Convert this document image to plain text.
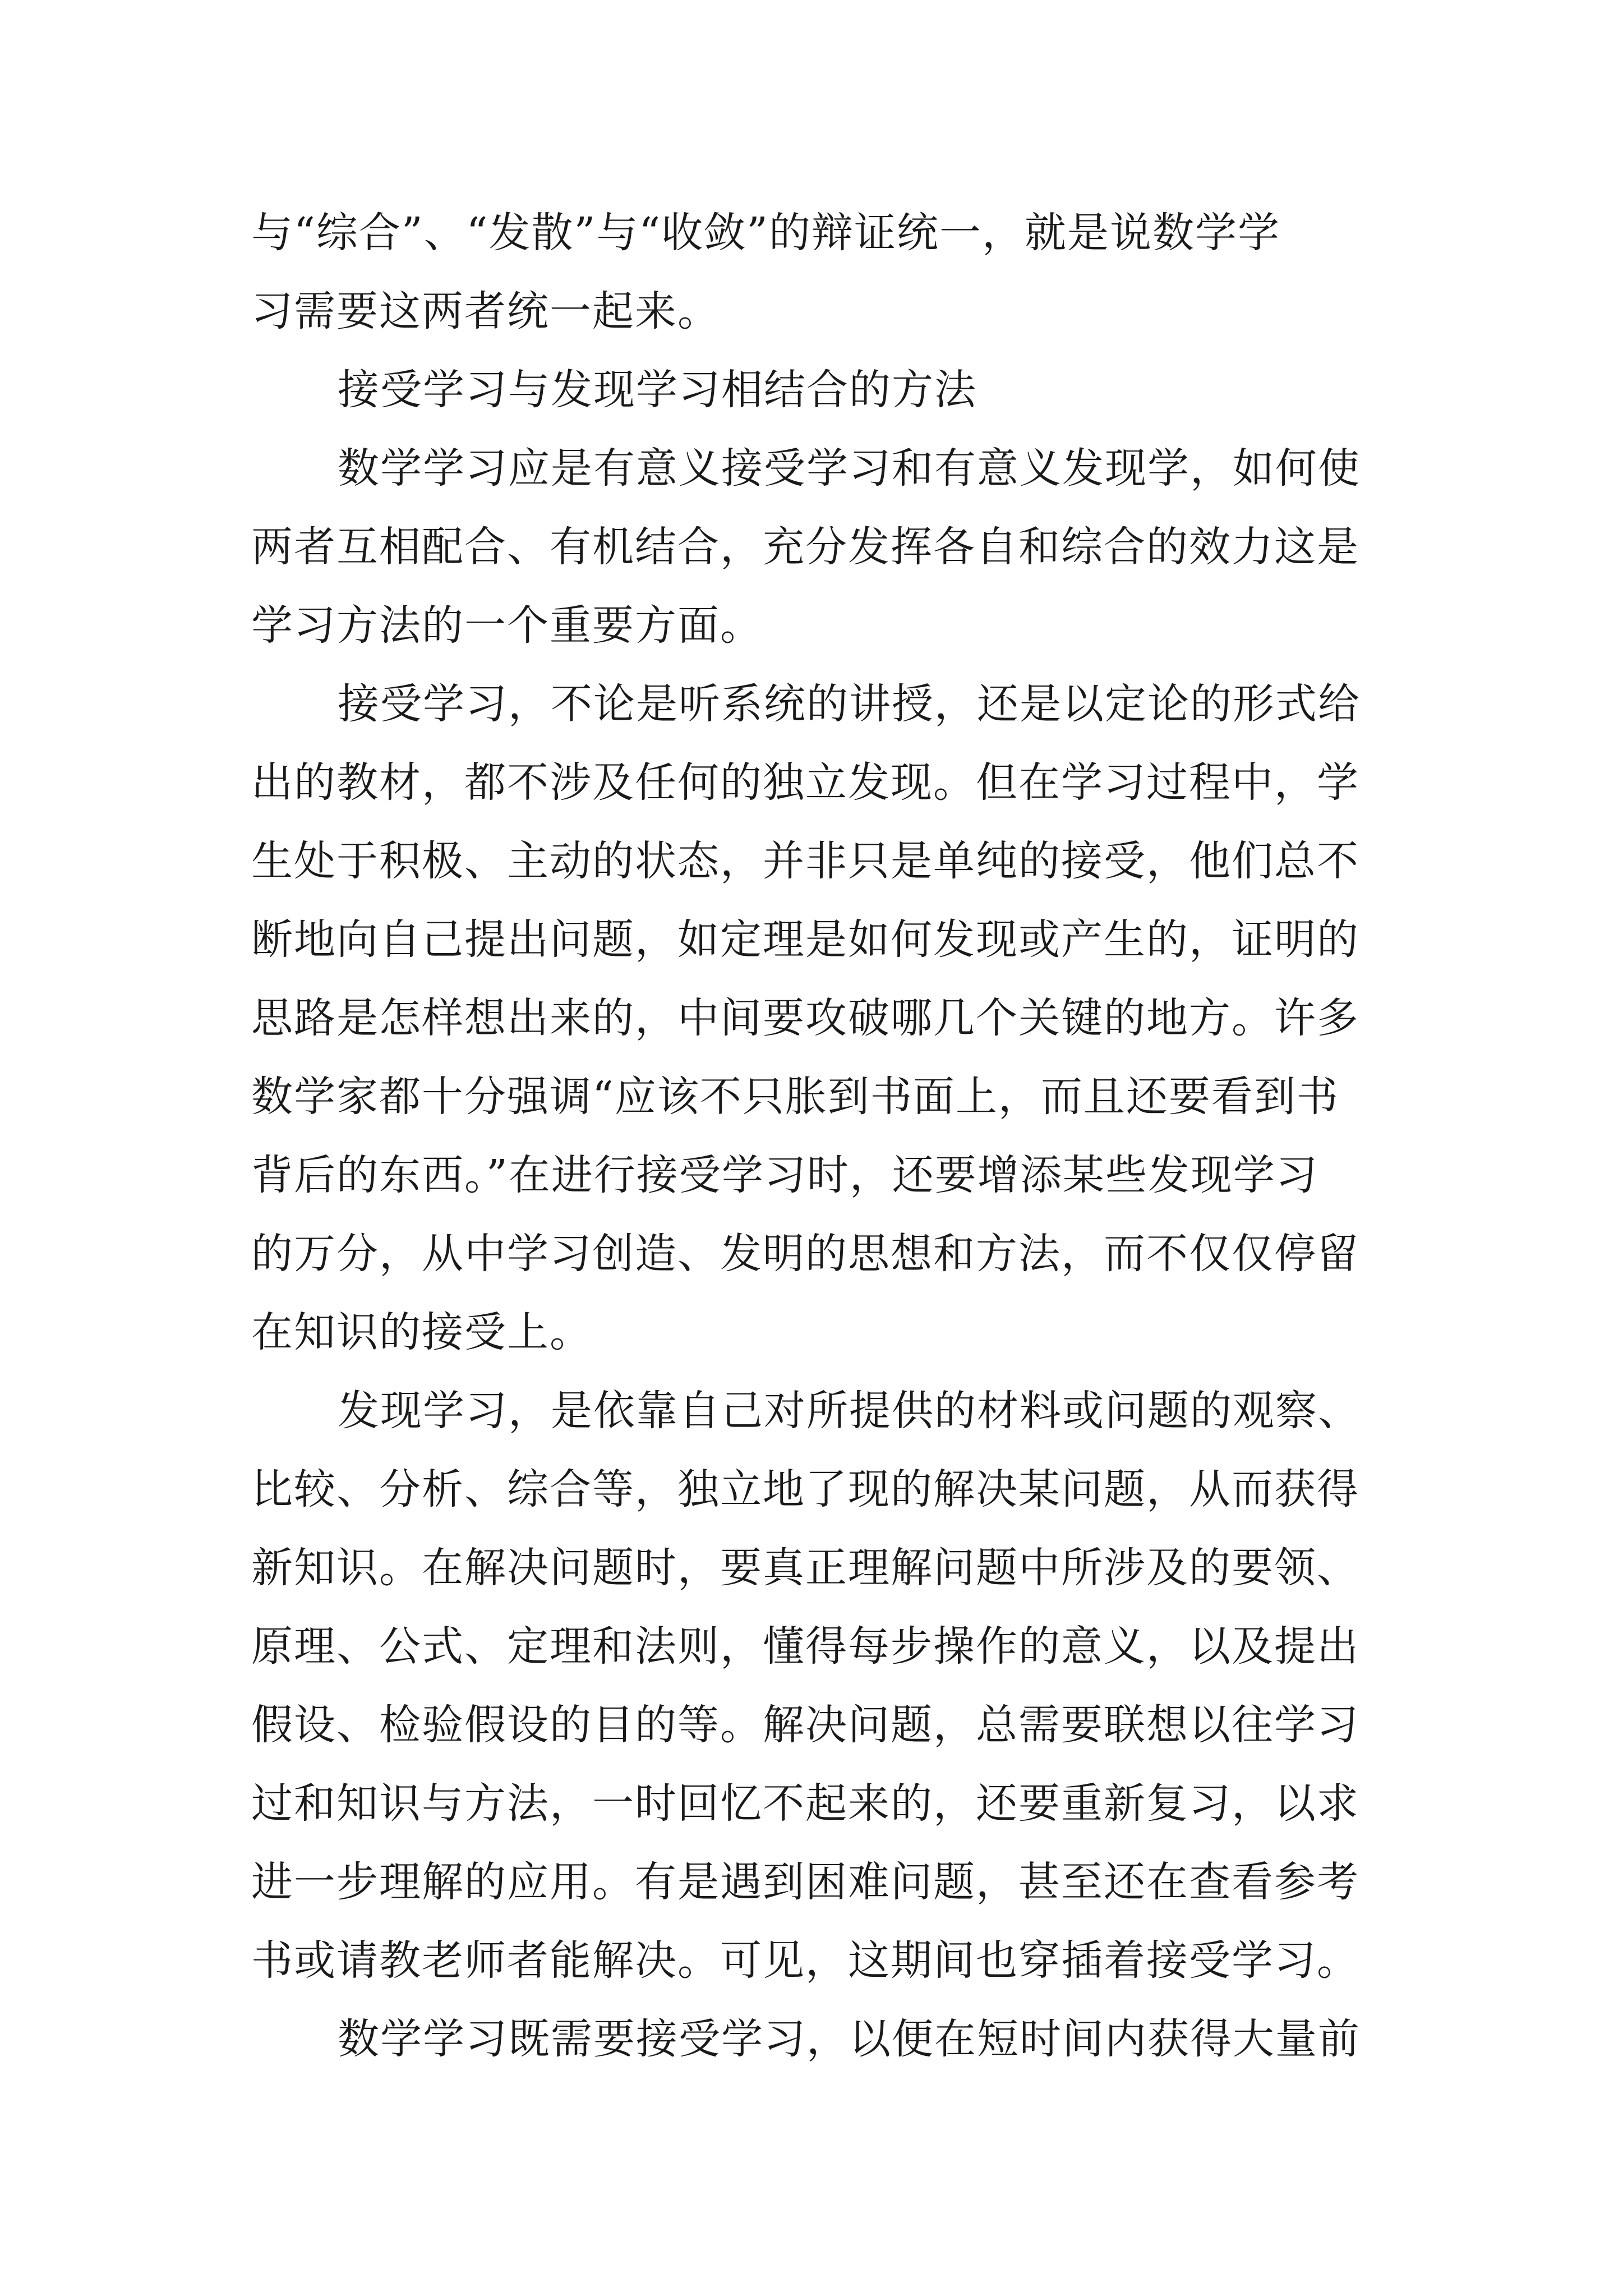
与“综合”、“发散”与“收敛”的辩证统一，就是说数学学
习需要这两者统一起来。
接受学习与发现学习相结合的方法
数学学习应是有意义接受学习和有意义发现学，如何使
两者互相配合、有机结合，充分发挥各自和综合的效力这是
学习方法的一个重要方面。
接受学习，不论是听系统的讲授，还是以定论的形式给
出的教材，都不涉及任何的独立发现。但在学习过程中，学
生处于积极、主动的状态，并非只是单纯的接受，他们总不
断地向自己提出问题，如定理是如何发现或产生的，证明的
思路是怎样想出来的，中间要攻破哪几个关键的地方。许多
数学家都十分强调“应该不只胀到书面上，而且还要看到书
背后的东西。”在进行接受学习时，还要增添某些发现学习
的万分，从中学习创造、发明的思想和方法，而不仅仅停留
在知识的接受上。
发现学习，是依靠自己对所提供的材料或问题的观察、
比较、分析、综合等，独立地了现的解决某问题，从而获得
新知识。在解决问题时，要真正理解问题中所涉及的要领、
原理、公式、定理和法则，懂得每步操作的意义，以及提出
假设、检验假设的目的等。解决问题，总需要联想以往学习
过和知识与方法，一时回忆不起来的，还要重新复习，以求
进一步理解的应用。有是遇到困难问题，甚至还在查看参考
书或请教老师者能解决。可见，这期间也穿插着接受学习。
数学学习既需要接受学习，以便在短时间内获得大量前
